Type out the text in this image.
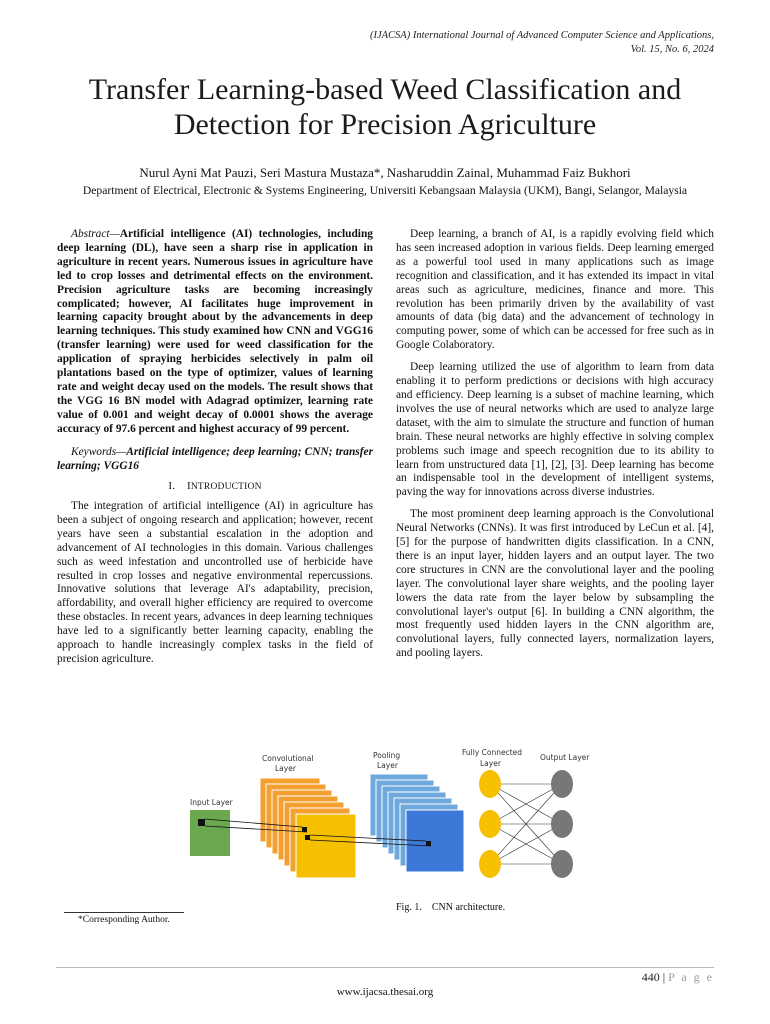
(IJACSA) International Journal of Advanced Computer Science and Applications,
Vol. 15, No. 6, 2024
Transfer Learning-based Weed Classification and
Detection for Precision Agriculture
Nurul Ayni Mat Pauzi, Seri Mastura Mustaza*, Nasharuddin Zainal, Muhammad Faiz Bukhori
Department of Electrical, Electronic & Systems Engineering, Universiti Kebangsaan Malaysia (UKM), Bangi, Selangor, Malaysia

Abstract—Artificial intelligence (AI) technologies, including deep learning (DL), have seen a sharp rise in application in agriculture in recent years. Numerous issues in agriculture have led to crop losses and detrimental effects on the environment. Precision agriculture tasks are becoming increasingly complicated; however, AI facilitates huge improvement in learning capacity brought about by the advancements in deep learning techniques. This study examined how CNN and VGG16 (transfer learning) were used for weed classification for the application of spraying herbicides selectively in palm oil plantations based on the type of optimizer, values of learning rate and weight decay used on the models. The result shows that the VGG 16 BN model with Adagrad optimizer, learning rate value of 0.001 and weight decay of 0.0001 shows the average accuracy of 97.6 percent and highest accuracy of 99 percent.

Keywords—Artificial intelligence; deep learning; CNN; transfer learning; VGG16

I. INTRODUCTION

The integration of artificial intelligence (AI) in agriculture has been a subject of ongoing research and application; however, recent years have seen a substantial escalation in the adoption and advancement of AI technologies in this domain. Various challenges such as weed infestation and uncontrolled use of herbicide have resulted in crop losses and negative environmental repercussions. Innovative solutions that leverage AI's adaptability, precision, affordability, and overall higher efficiency are required to overcome these obstacles. In recent years, advances in deep learning techniques have led to a significantly better learning capacity, enabling the approach to handle increasingly complex tasks in the field of precision agriculture.

Deep learning, a branch of AI, is a rapidly evolving field which has seen increased adoption in various fields. Deep learning emerged as a powerful tool used in many applications such as image recognition and classification, and it has extended its impact in vital areas such as agriculture, medicines, finance and more. This revolution has been primarily driven by the availability of vast amounts of data (big data) and the advancement of technology in computing power, some of which can be accessed for free such as in Google Colaboratory.

Deep learning utilized the use of algorithm to learn from data enabling it to perform predictions or decisions with high accuracy and efficiency. Deep learning is a subset of machine learning, which involves the use of neural networks which are used to analyze large dataset, with the aim to simulate the structure and function of human brain. These neural networks are highly effective in solving complex problems such image and speech recognition due to its ability to learn from unstructured data [1], [2], [3]. Deep learning has become an indispensable tool in the development of intelligent systems, paving the way for innovations across diverse industries.

The most prominent deep learning approach is the Convolutional Neural Networks (CNNs). It was first introduced by LeCun et al. [4], [5] for the purpose of handwritten digits classification. In a CNN, there is an input layer, hidden layers and an output layer. The two core structures in CNN are the convolutional layer and the pooling layer. The convolutional layer share weights, and the pooling layer lowers the data rate from the layer below by subsampling the convolutional layer's output [6]. In building a CNN algorithm, the most frequently used hidden layers in the CNN algorithm are, convolutional layers, fully connected layers, normalization layers, and pooling layers.

Input Layer
Convolutional
Layer
Pooling
Layer
Fully Connected
Layer
Output Layer
Fig. 1. CNN architecture.
*Corresponding Author.
440 | P a g e
www.ijacsa.thesai.org
